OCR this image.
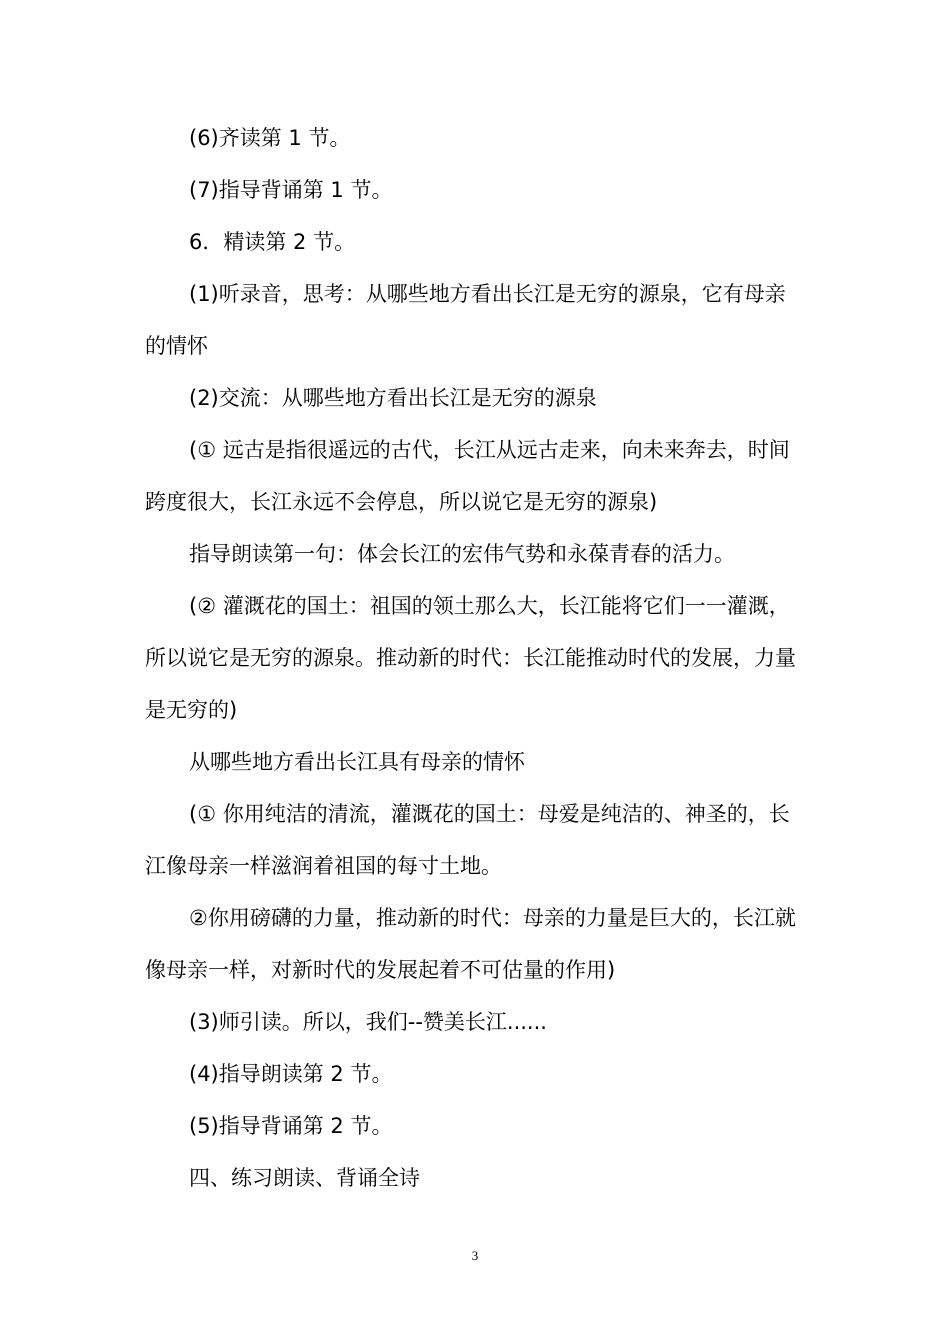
(6)齐读第 1 节。

(7)指导背诵第 1 节。

6．精读第 2 节。

(1)听录音，思考：从哪些地方看出长江是无穷的源泉，它有母亲的情怀

(2)交流：从哪些地方看出长江是无穷的源泉

(① 远古是指很遥远的古代，长江从远古走来，向未来奔去，时间跨度很大，长江永远不会停息，所以说它是无穷的源泉)

指导朗读第一句：体会长江的宏伟气势和永葆青春的活力。

(② 灌溉花的国土：祖国的领土那么大，长江能将它们一一灌溉，所以说它是无穷的源泉。推动新的时代：长江能推动时代的发展，力量是无穷的)

从哪些地方看出长江具有母亲的情怀

(① 你用纯洁的清流，灌溉花的国土：母爱是纯洁的、神圣的，长江像母亲一样滋润着祖国的每寸土地。

②你用磅礴的力量，推动新的时代：母亲的力量是巨大的，长江就像母亲一样，对新时代的发展起着不可估量的作用)

(3)师引读。所以，我们--赞美长江......

(4)指导朗读第 2 节。

(5)指导背诵第 2 节。

四、练习朗读、背诵全诗

3
